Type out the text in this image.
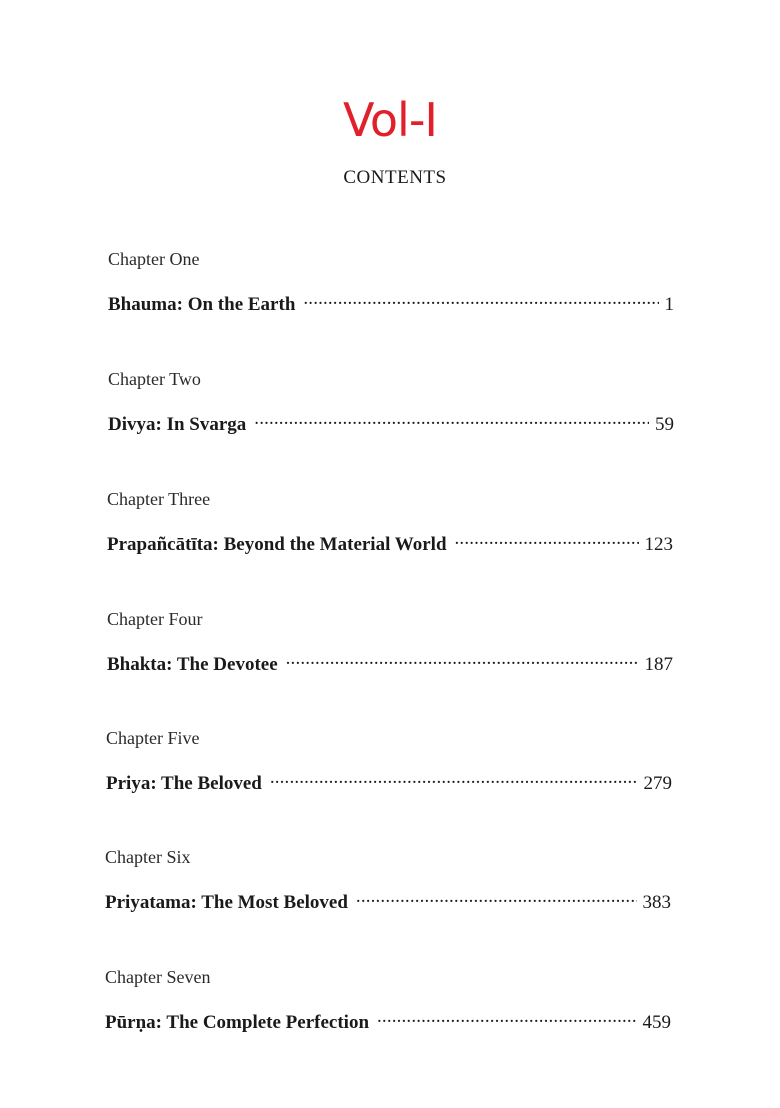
Vol-I
CONTENTS

Chapter One

Bhauma: On the Earth . . .	1

Chapter Two

Divya: In Svarga . . .	59

Chapter Three

Prapañcātīta: Beyond the Material World . . .	123

Chapter Four

Bhakta: The Devotee . . .	187

Chapter Five

Priya: The Beloved . . .	279

Chapter Six

Priyatama: The Most Beloved . . .	383

Chapter Seven

Pūrṇa: The Complete Perfection . . .	459
